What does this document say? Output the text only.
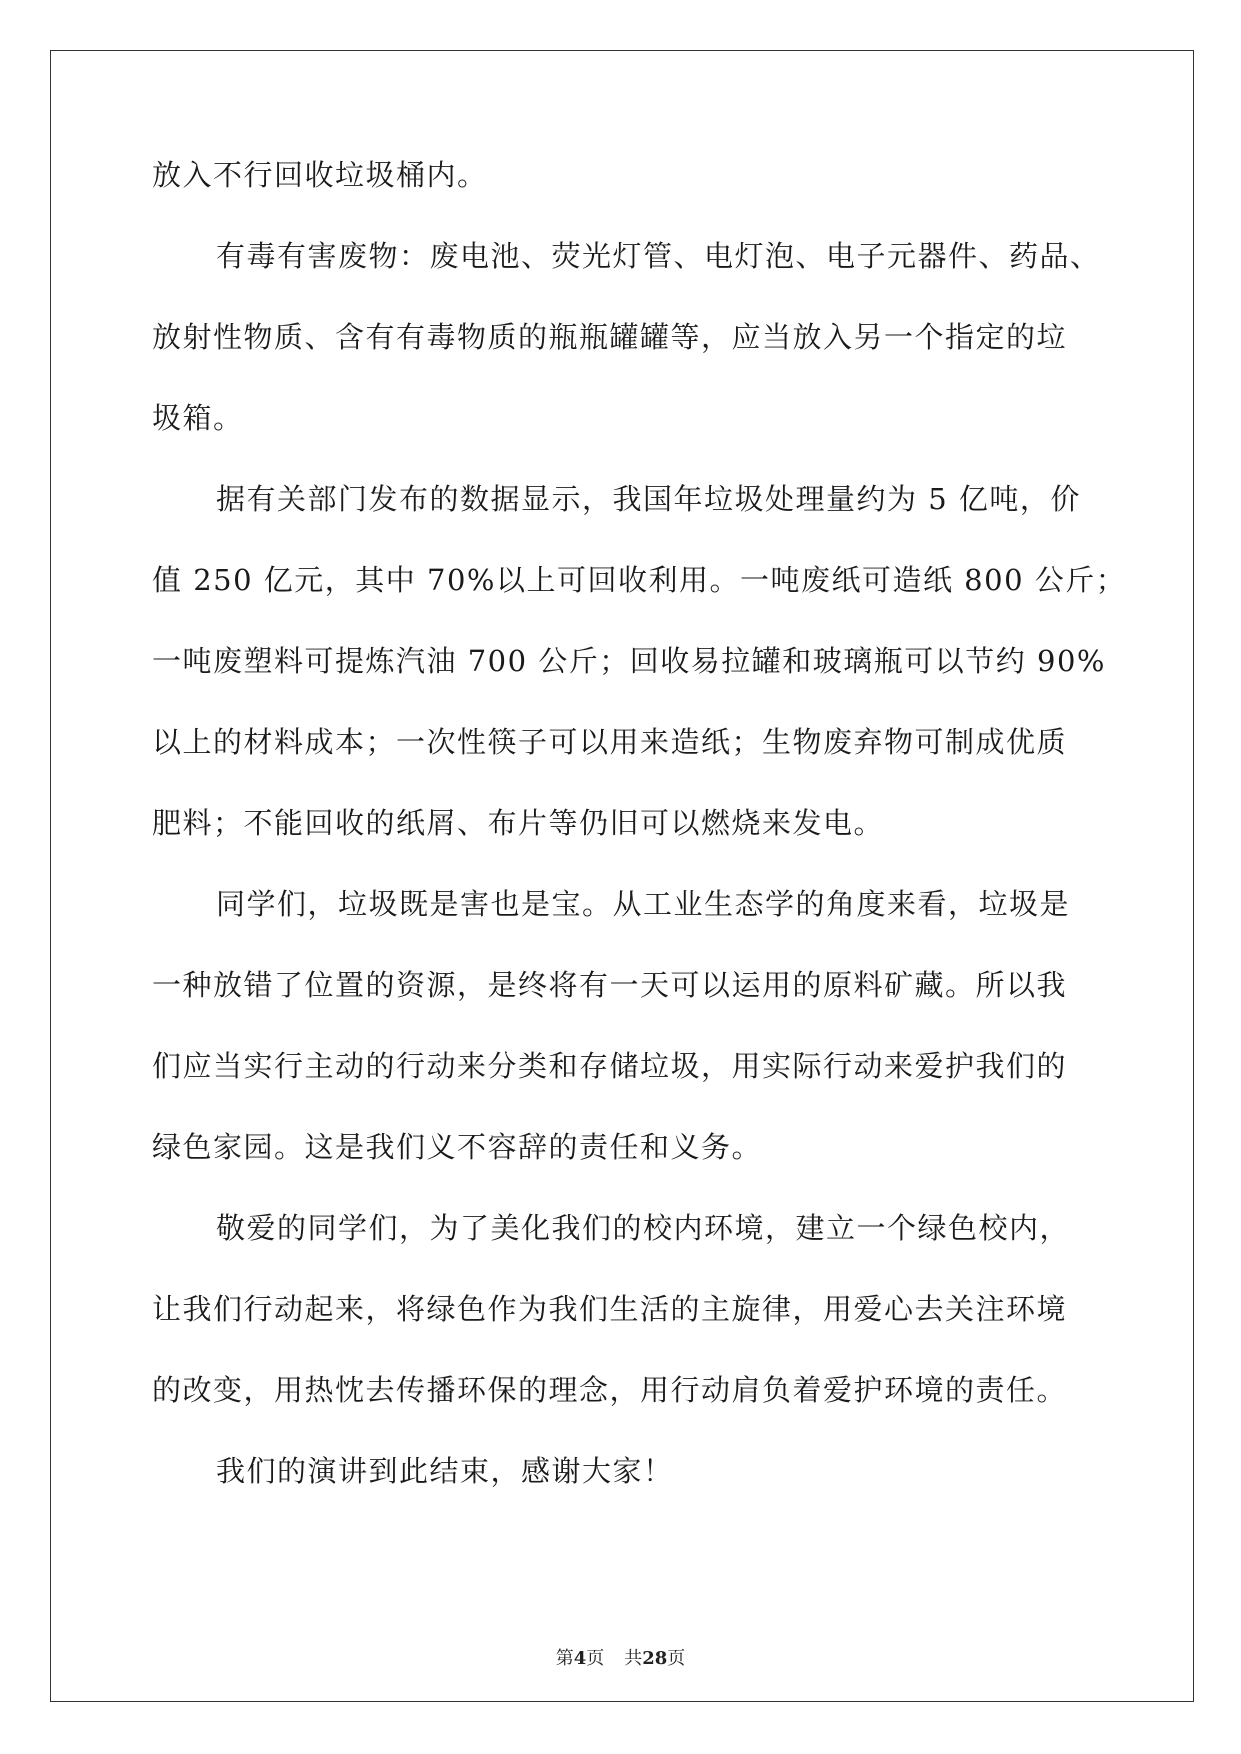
放入不行回收垃圾桶内。
有毒有害废物：废电池、荧光灯管、电灯泡、电子元器件、药品、
放射性物质、含有有毒物质的瓶瓶罐罐等，应当放入另一个指定的垃
圾箱。
据有关部门发布的数据显示，我国年垃圾处理量约为 5 亿吨，价
值 250 亿元，其中 70%以上可回收利用。一吨废纸可造纸 800 公斤；
一吨废塑料可提炼汽油 700 公斤；回收易拉罐和玻璃瓶可以节约 90%
以上的材料成本；一次性筷子可以用来造纸；生物废弃物可制成优质
肥料；不能回收的纸屑、布片等仍旧可以燃烧来发电。
同学们，垃圾既是害也是宝。从工业生态学的角度来看，垃圾是
一种放错了位置的资源，是终将有一天可以运用的原料矿藏。所以我
们应当实行主动的行动来分类和存储垃圾，用实际行动来爱护我们的
绿色家园。这是我们义不容辞的责任和义务。
敬爱的同学们，为了美化我们的校内环境，建立一个绿色校内，
让我们行动起来，将绿色作为我们生活的主旋律，用爱心去关注环境
的改变，用热忱去传播环保的理念，用行动肩负着爱护环境的责任。
我们的演讲到此结束，感谢大家！
第4页 共28页
